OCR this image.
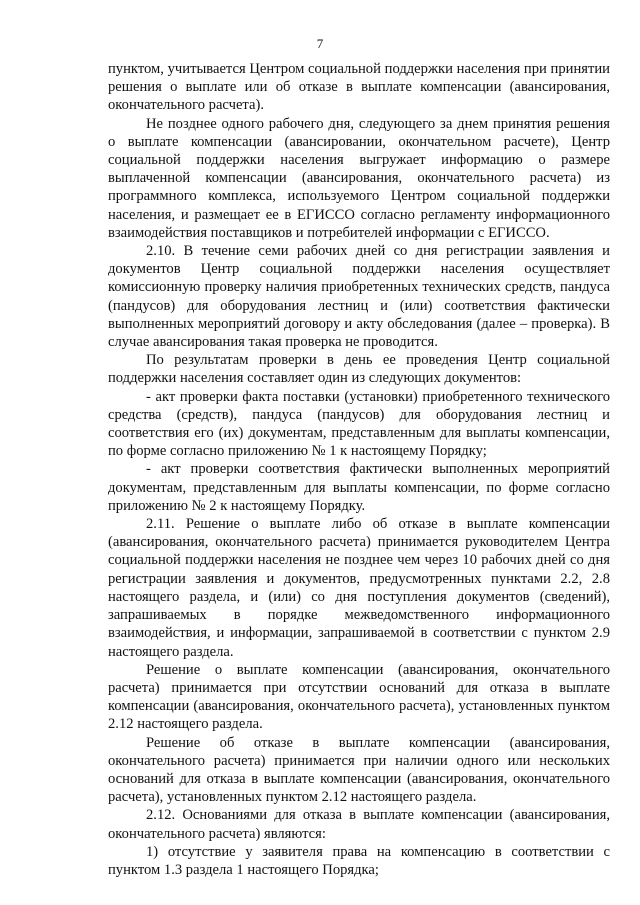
7

пунктом, учитывается Центром социальной поддержки населения при принятии решения о выплате или об отказе в выплате компенсации (авансирования, окончательного расчета).

Не позднее одного рабочего дня, следующего за днем принятия решения о выплате компенсации (авансировании, окончательном расчете), Центр социальной поддержки населения выгружает информацию о размере выплаченной компенсации (авансирования, окончательного расчета) из программного комплекса, используемого Центром социальной поддержки населения, и размещает ее в ЕГИССО согласно регламенту информационного взаимодействия поставщиков и потребителей информации с ЕГИССО.

2.10. В течение семи рабочих дней со дня регистрации заявления и документов Центр социальной поддержки населения осуществляет комиссионную проверку наличия приобретенных технических средств, пандуса (пандусов) для оборудования лестниц и (или) соответствия фактически выполненных мероприятий договору и акту обследования (далее – проверка). В случае авансирования такая проверка не проводится.

По результатам проверки в день ее проведения Центр социальной поддержки населения составляет один из следующих документов:

- акт проверки факта поставки (установки) приобретенного технического средства (средств), пандуса (пандусов) для оборудования лестниц и соответствия его (их) документам, представленным для выплаты компенсации, по форме согласно приложению № 1 к настоящему Порядку;

- акт проверки соответствия фактически выполненных мероприятий документам, представленным для выплаты компенсации, по форме согласно приложению № 2 к настоящему Порядку.

2.11. Решение о выплате либо об отказе в выплате компенсации (авансирования, окончательного расчета) принимается руководителем Центра социальной поддержки населения не позднее чем через 10 рабочих дней со дня регистрации заявления и документов, предусмотренных пунктами 2.2, 2.8 настоящего раздела, и (или) со дня поступления документов (сведений), запрашиваемых в порядке межведомственного информационного взаимодействия, и информации, запрашиваемой в соответствии с пунктом 2.9 настоящего раздела.

Решение о выплате компенсации (авансирования, окончательного расчета) принимается при отсутствии оснований для отказа в выплате компенсации (авансирования, окончательного расчета), установленных пунктом 2.12 настоящего раздела.

Решение об отказе в выплате компенсации (авансирования, окончательного расчета) принимается при наличии одного или нескольких оснований для отказа в выплате компенсации (авансирования, окончательного расчета), установленных пунктом 2.12 настоящего раздела.

2.12. Основаниями для отказа в выплате компенсации (авансирования, окончательного расчета) являются:

1) отсутствие у заявителя права на компенсацию в соответствии с пунктом 1.3 раздела 1 настоящего Порядка;
